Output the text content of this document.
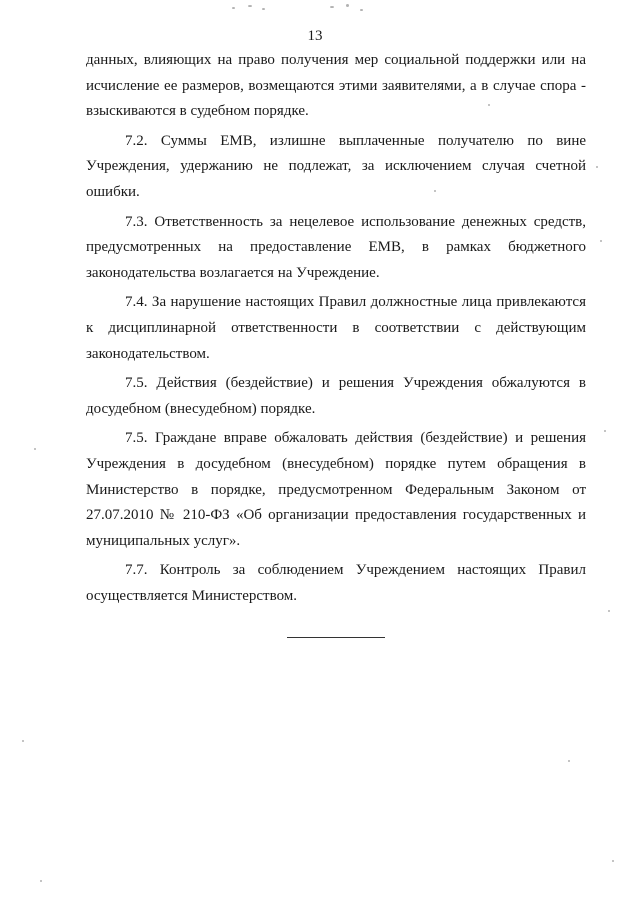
13

данных, влияющих на право получения мер социальной поддержки или на исчисление ее размеров, возмещаются этими заявителями, а в случае спора - взыскиваются в судебном порядке.

7.2. Суммы ЕМВ, излишне выплаченные получателю по вине Учреждения, удержанию не подлежат, за исключением случая счетной ошибки.

7.3. Ответственность за нецелевое использование денежных средств, предусмотренных на предоставление ЕМВ, в рамках бюджетного законодательства возлагается на Учреждение.

7.4. За нарушение настоящих Правил должностные лица привлекаются к дисциплинарной ответственности в соответствии с действующим законодательством.

7.5. Действия (бездействие) и решения Учреждения обжалуются в досудебном (внесудебном) порядке.

7.5. Граждане вправе обжаловать действия (бездействие) и решения Учреждения в досудебном (внесудебном) порядке путем обращения в Министерство в порядке, предусмотренном Федеральным Законом от 27.07.2010 № 210-ФЗ «Об организации предоставления государственных и муниципальных услуг».

7.7. Контроль за соблюдением Учреждением настоящих Правил осуществляется Министерством.
